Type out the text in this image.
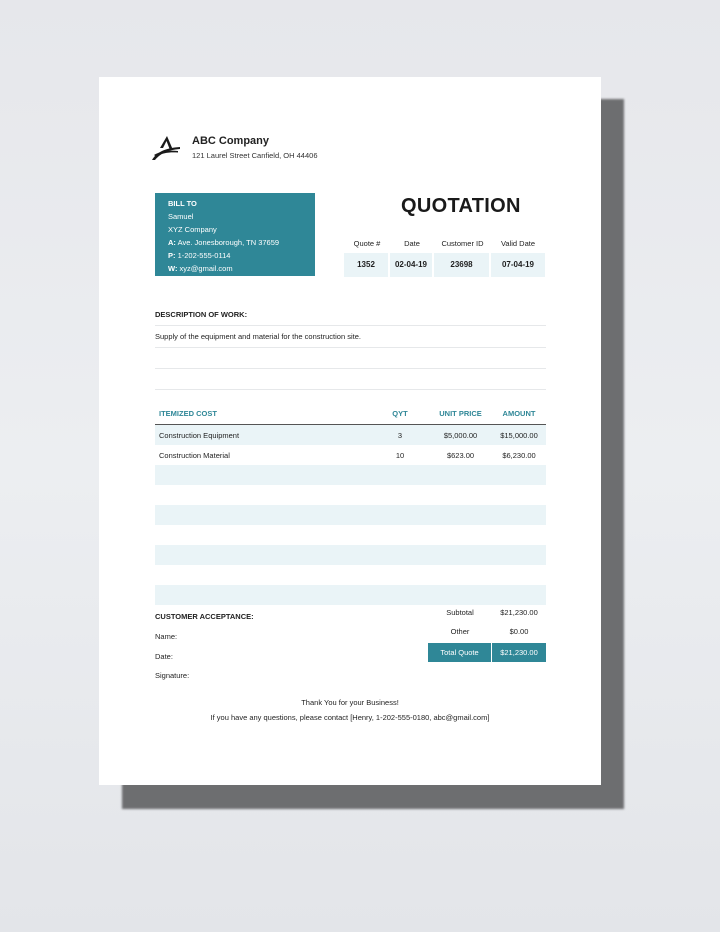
ABC Company
121 Laurel Street Canfield, OH 44406
BILL TO
Samuel
XYZ Company
A: Ave. Jonesborough, TN 37659
P: 1-202-555-0114
W: xyz@gmail.com
QUOTATION
Quote #	Date	Customer ID	Valid Date
1352	02-04-19	23698	07-04-19
DESCRIPTION OF WORK:
Supply of the equipment and material for the construction site.
ITEMIZED COST	QYT	UNIT PRICE	AMOUNT
Construction Equipment	3	$5,000.00	$15,000.00
Construction Material	10	$623.00	$6,230.00
CUSTOMER ACCEPTANCE:
Name:
Date:
Signature:
Subtotal	$21,230.00
Other	$0.00
Total Quote	$21,230.00
Thank You for your Business!
If you have any questions, please contact [Henry, 1-202-555-0180, abc@gmail.com]
